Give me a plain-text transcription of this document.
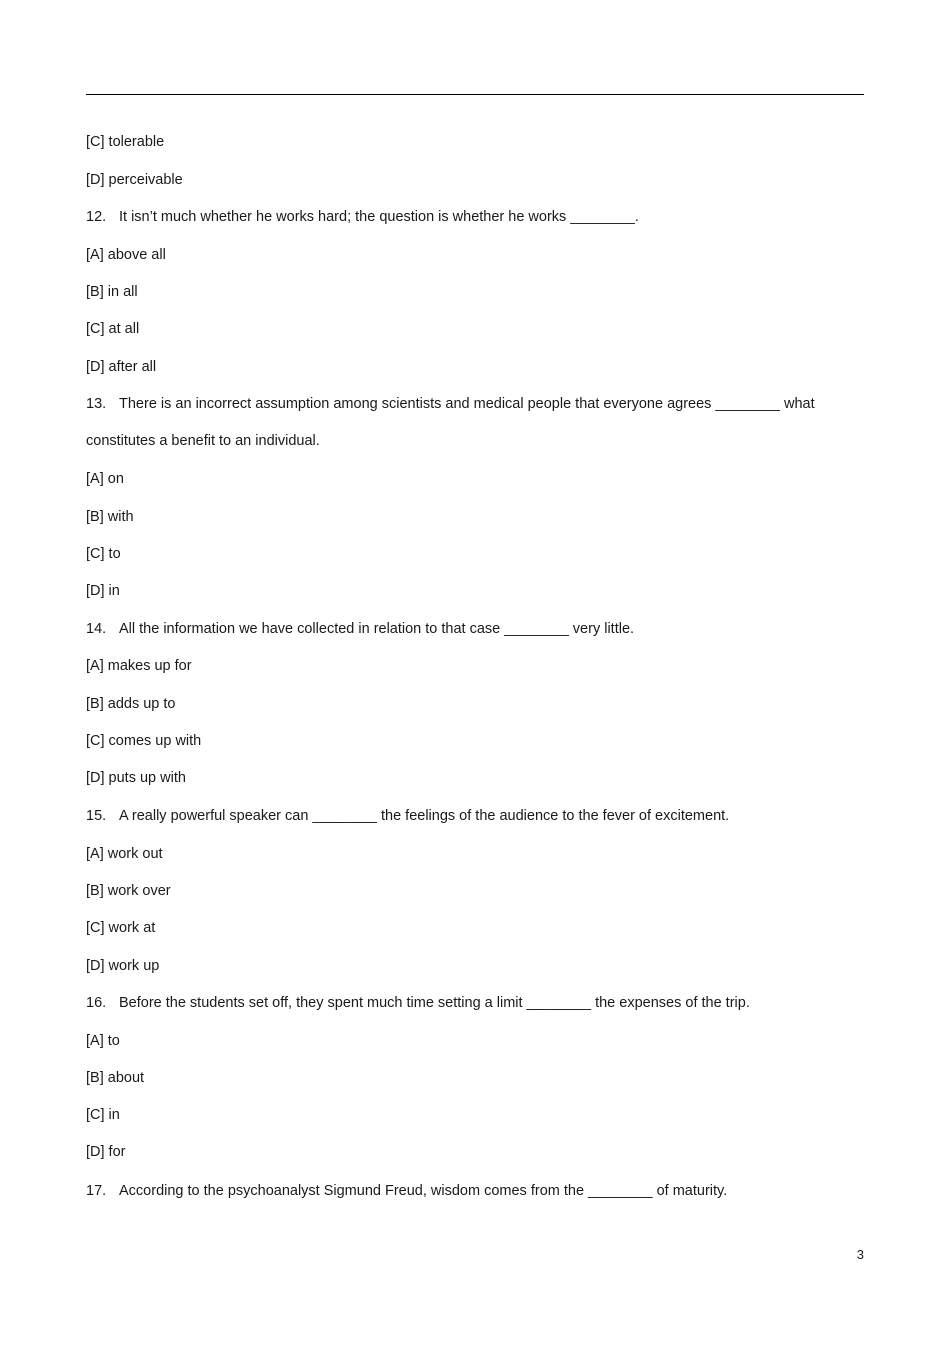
[C] tolerable
[D] perceivable
12. It isn’t much whether he works hard; the question is whether he works ________.
[A] above all
[B] in all
[C] at all
[D] after all
13. There is an incorrect assumption among scientists and medical people that everyone agrees ________ what
constitutes a benefit to an individual.
[A] on
[B] with
[C] to
[D] in
14. All the information we have collected in relation to that case ________ very little.
[A] makes up for
[B] adds up to
[C] comes up with
[D] puts up with
15. A really powerful speaker can ________ the feelings of the audience to the fever of excitement.
[A] work out
[B] work over
[C] work at
[D] work up
16. Before the students set off, they spent much time setting a limit ________ the expenses of the trip.
[A] to
[B] about
[C] in
[D] for
17. According to the psychoanalyst Sigmund Freud, wisdom comes from the ________ of maturity.
3
